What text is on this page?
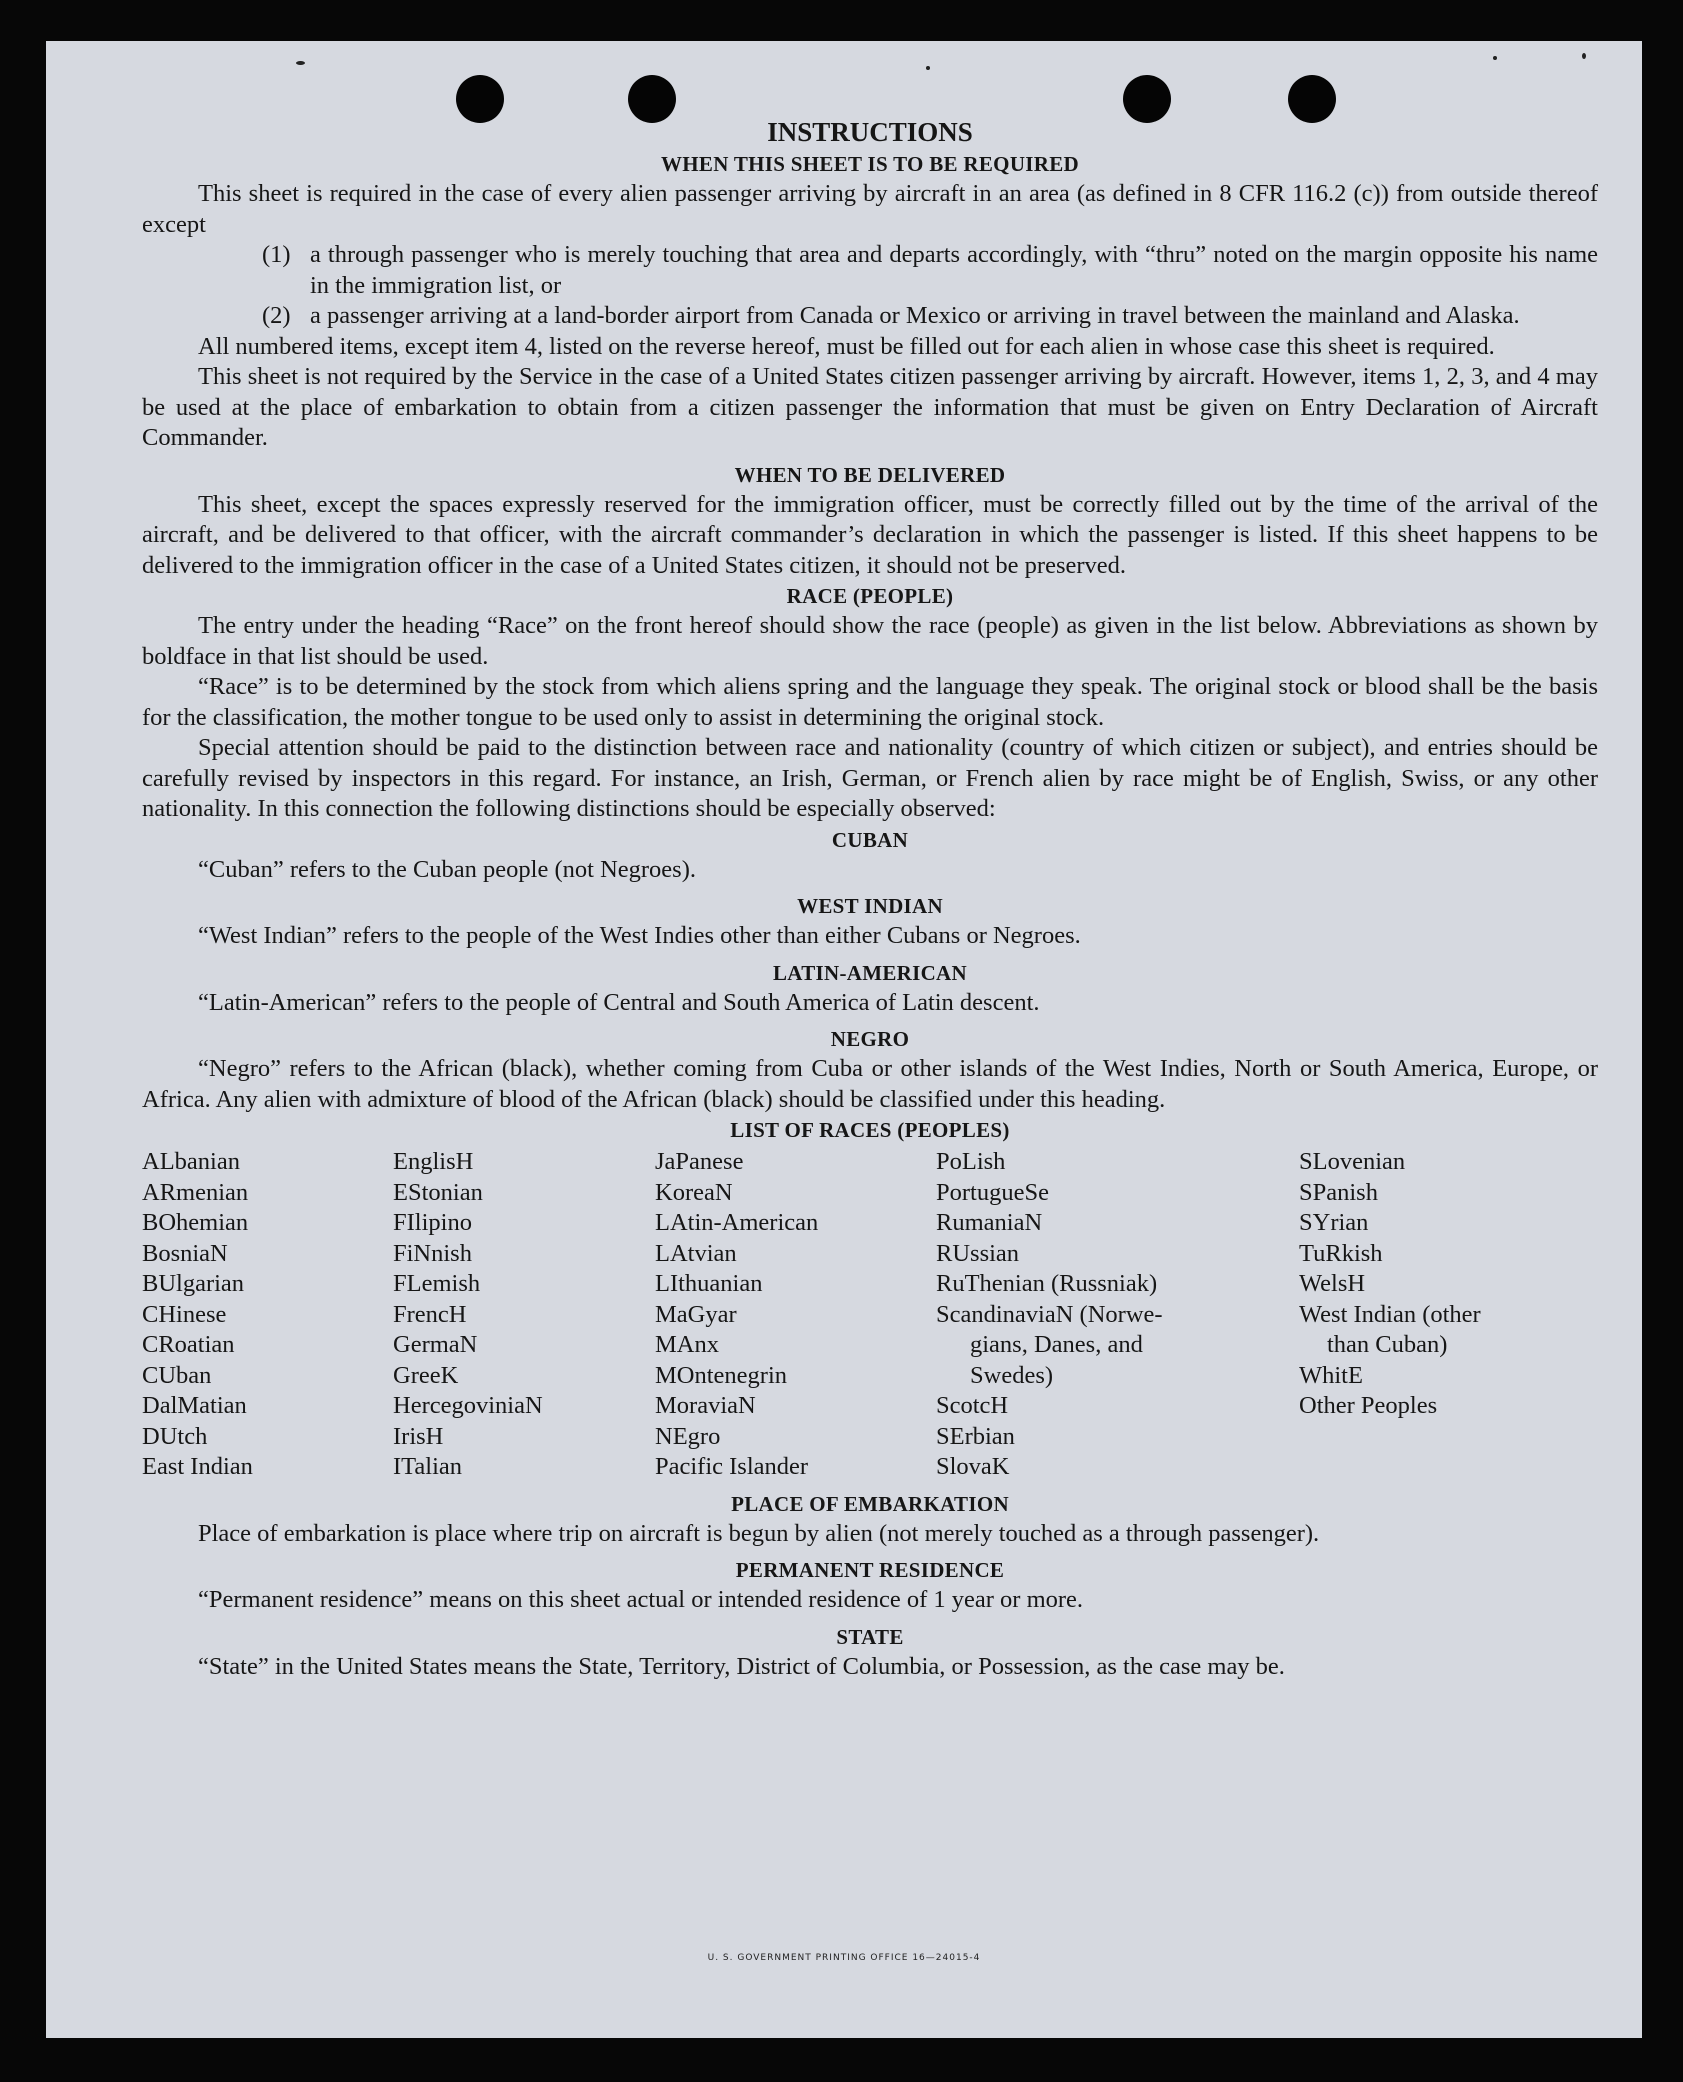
INSTRUCTIONS
WHEN THIS SHEET IS TO BE REQUIRED

This sheet is required in the case of every alien passenger arriving by aircraft in an area (as defined in 8 CFR 116.2 (c)) from outside thereof except

(1) a through passenger who is merely touching that area and departs accordingly, with “thru” noted on the margin opposite his name in the immigration list, or
(2) a passenger arriving at a land-border airport from Canada or Mexico or arriving in travel between the mainland and Alaska.

All numbered items, except item 4, listed on the reverse hereof, must be filled out for each alien in whose case this sheet is required.

This sheet is not required by the Service in the case of a United States citizen passenger arriving by aircraft. However, items 1, 2, 3, and 4 may be used at the place of embarkation to obtain from a citizen passenger the information that must be given on Entry Declaration of Aircraft Commander.

WHEN TO BE DELIVERED

This sheet, except the spaces expressly reserved for the immigration officer, must be correctly filled out by the time of the arrival of the aircraft, and be delivered to that officer, with the aircraft commander’s declaration in which the passenger is listed. If this sheet happens to be delivered to the immigration officer in the case of a United States citizen, it should not be preserved.

RACE (PEOPLE)

The entry under the heading “Race” on the front hereof should show the race (people) as given in the list below. Abbreviations as shown by boldface in that list should be used.

“Race” is to be determined by the stock from which aliens spring and the language they speak. The original stock or blood shall be the basis for the classification, the mother tongue to be used only to assist in determining the original stock.

Special attention should be paid to the distinction between race and nationality (country of which citizen or subject), and entries should be carefully revised by inspectors in this regard. For instance, an Irish, German, or French alien by race might be of English, Swiss, or any other nationality. In this connection the following distinctions should be especially observed:

CUBAN

“Cuban” refers to the Cuban people (not Negroes).

WEST INDIAN

“West Indian” refers to the people of the West Indies other than either Cubans or Negroes.

LATIN-AMERICAN

“Latin-American” refers to the people of Central and South America of Latin descent.

NEGRO

“Negro” refers to the African (black), whether coming from Cuba or other islands of the West Indies, North or South America, Europe, or Africa. Any alien with admixture of blood of the African (black) should be classified under this heading.

LIST OF RACES (PEOPLES)
ALbanian
ARmenian
BOhemian
BosniaN
BUlgarian
CHinese
CRoatian
CUban
DalMatian
DUtch
East Indian
EnglisH
EStonian
FIlipino
FiNnish
FLemish
FrencH
GermaN
GreeK
HercegoviniaN
IrisH
ITalian
JaPanese
KoreaN
LAtin-American
LAtvian
LIthuanian
MaGyar
MAnx
MOntenegrin
MoraviaN
NEgro
Pacific Islander
PoLish
PortugueSe
RumaniaN
RUssian
RuThenian (Russniak)
ScandinaviaN (Norwe-
gians, Danes, and
Swedes)
ScotcH
SErbian
SlovaK
SLovenian
SPanish
SYrian
TuRkish
WelsH
West Indian (other
than Cuban)
WhitE
Other Peoples
PLACE OF EMBARKATION

Place of embarkation is place where trip on aircraft is begun by alien (not merely touched as a through passenger).

PERMANENT RESIDENCE

“Permanent residence” means on this sheet actual or intended residence of 1 year or more.

STATE

“State” in the United States means the State, Territory, District of Columbia, or Possession, as the case may be.

U. S. GOVERNMENT PRINTING OFFICE 16—24015-4
